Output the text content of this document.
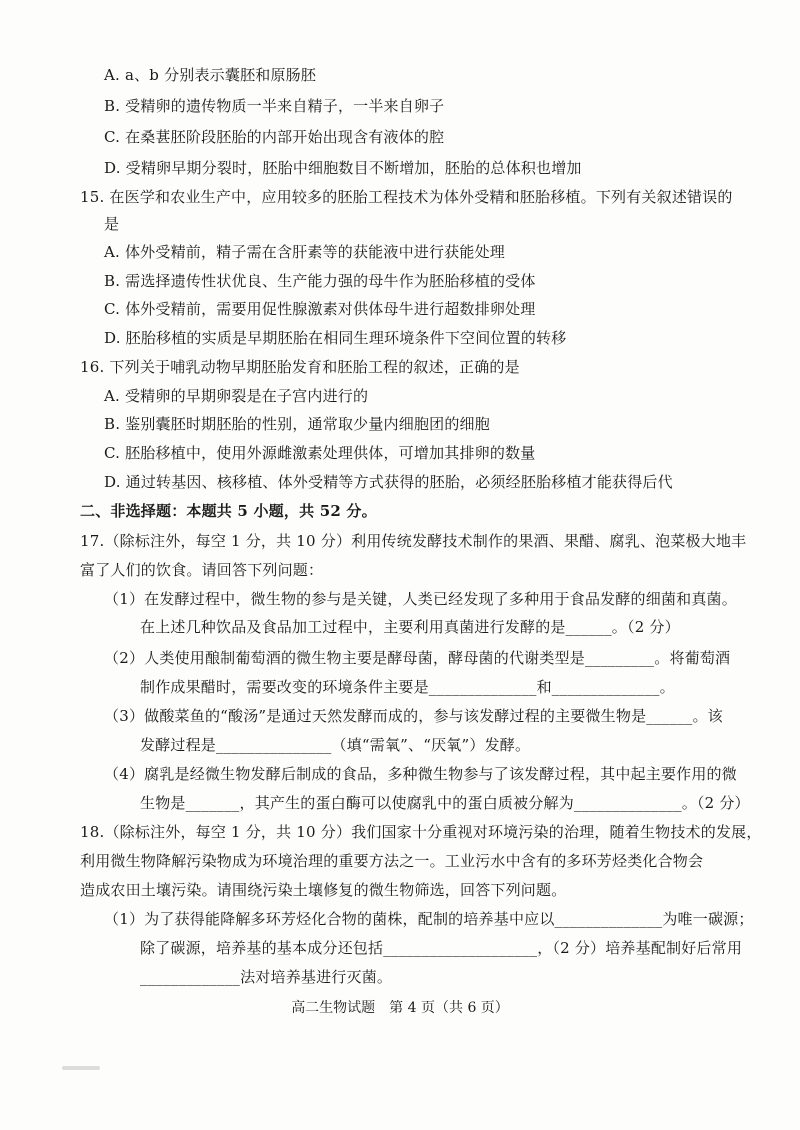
A. a、b 分别表示囊胚和原肠胚
B. 受精卵的遗传物质一半来自精子，一半来自卵子
C. 在桑葚胚阶段胚胎的内部开始出现含有液体的腔
D. 受精卵早期分裂时，胚胎中细胞数目不断增加，胚胎的总体积也增加
15. 在医学和农业生产中，应用较多的胚胎工程技术为体外受精和胚胎移植。下列有关叙述错误的
是
A. 体外受精前，精子需在含肝素等的获能液中进行获能处理
B. 需选择遗传性状优良、生产能力强的母牛作为胚胎移植的受体
C. 体外受精前，需要用促性腺激素对供体母牛进行超数排卵处理
D. 胚胎移植的实质是早期胚胎在相同生理环境条件下空间位置的转移
16. 下列关于哺乳动物早期胚胎发育和胚胎工程的叙述，正确的是
A. 受精卵的早期卵裂是在子宫内进行的
B. 鉴别囊胚时期胚胎的性别，通常取少量内细胞团的细胞
C. 胚胎移植中，使用外源雌激素处理供体，可增加其排卵的数量
D. 通过转基因、核移植、体外受精等方式获得的胚胎，必须经胚胎移植才能获得后代
二、非选择题：本题共 5 小题，共 52 分。
17.（除标注外，每空 1 分，共 10 分）利用传统发酵技术制作的果酒、果醋、腐乳、泡菜极大地丰
富了人们的饮食。请回答下列问题：
（1）在发酵过程中，微生物的参与是关键，人类已经发现了多种用于食品发酵的细菌和真菌。
在上述几种饮品及食品加工过程中，主要利用真菌进行发酵的是______。（2 分）
（2）人类使用酿制葡萄酒的微生物主要是酵母菌，酵母菌的代谢类型是_________。将葡萄酒
制作成果醋时，需要改变的环境条件主要是______________和______________。
（3）做酸菜鱼的“酸汤”是通过天然发酵而成的，参与该发酵过程的主要微生物是______。该
发酵过程是_______________（填“需氧”、“厌氧”）发酵。
（4）腐乳是经微生物发酵后制成的食品，多种微生物参与了该发酵过程，其中起主要作用的微
生物是_______，其产生的蛋白酶可以使腐乳中的蛋白质被分解为______________。（2 分）
18.（除标注外，每空 1 分，共 10 分）我们国家十分重视对环境污染的治理，随着生物技术的发展，
利用微生物降解污染物成为环境治理的重要方法之一。工业污水中含有的多环芳烃类化合物会
造成农田土壤污染。请围绕污染土壤修复的微生物筛选，回答下列问题。
（1）为了获得能降解多环芳烃化合物的菌株，配制的培养基中应以______________为唯一碳源；
除了碳源，培养基的基本成分还包括____________________，（2 分）培养基配制好后常用
_____________法对培养基进行灭菌。
高二生物试题　第 4 页（共 6 页）
